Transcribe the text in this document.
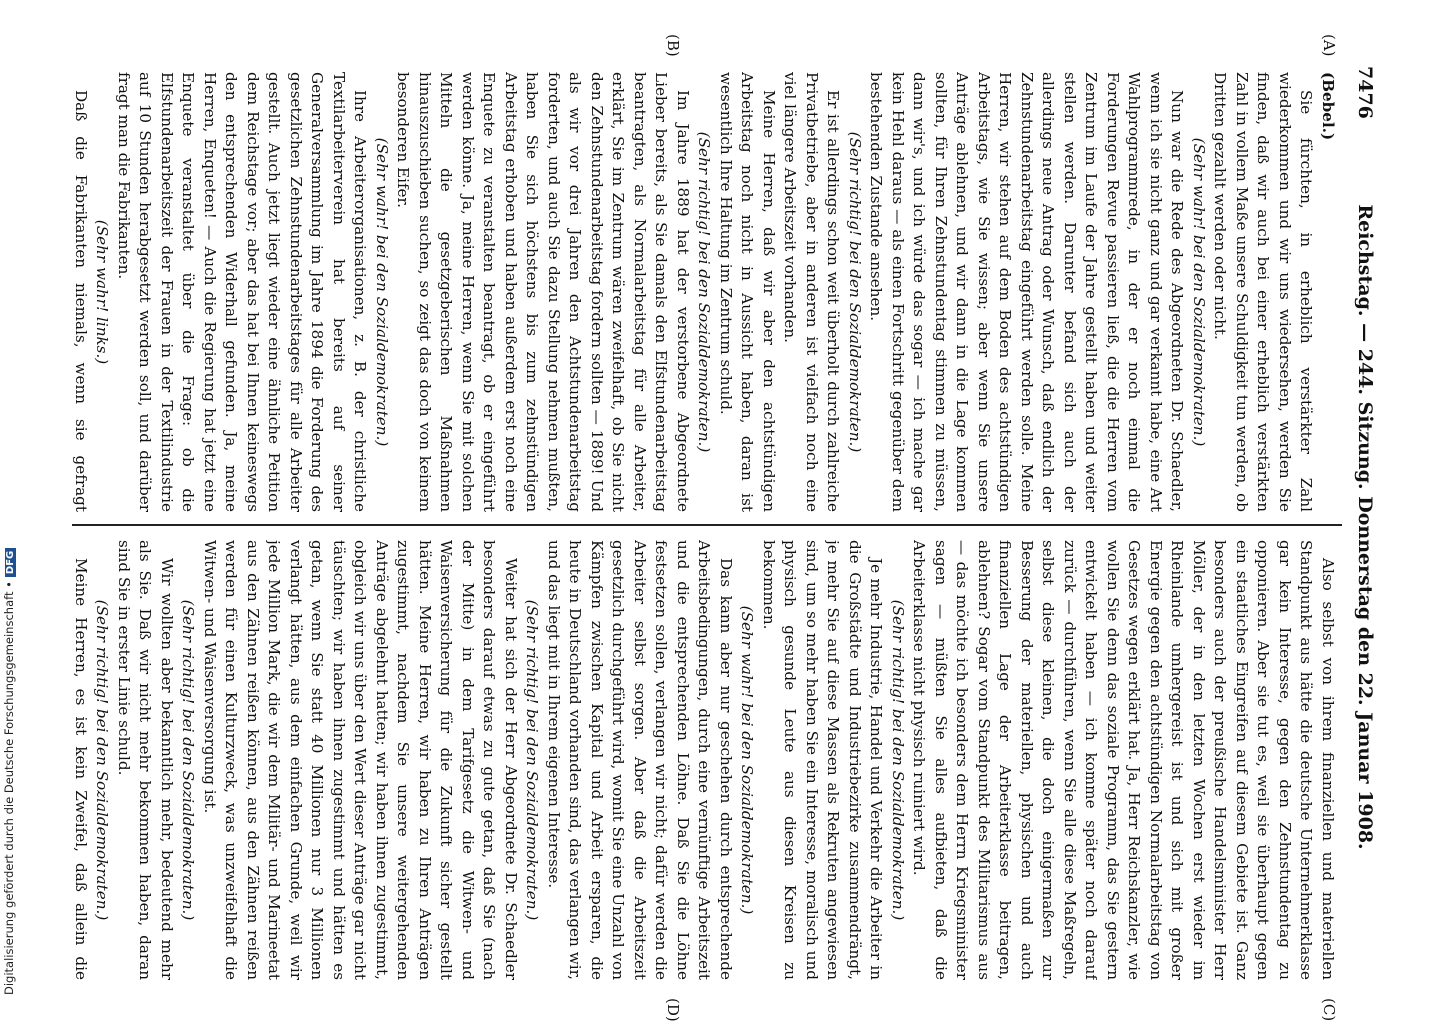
7476
Reichstag. — 244. Sitzung. Donnerstag den 22. Januar 1908.
(A)
(B)
(C)
(D)
(Bebel.)

Sie fürchten, in erheblich verstärkter Zahl wiederkommen und wir uns wiedersehen, werden Sie finden, daß wir auch bei einer erheblich verstärkten Zahl in vollem Maße unsere Schuldigkeit tun werden, ob Dritten gezahlt werden oder nicht.

(Sehr wahr! bei den Sozialdemokraten.)

Nun war die Rede des Abgeordneten Dr. Schaedler, wenn ich sie nicht ganz und gar verkannt habe, eine Art Wahlprogrammrede, in der er noch einmal die Forderungen Revue passieren ließ, die die Herren vom Zentrum im Laufe der Jahre gestellt haben und weiter stellen werden. Darunter befand sich auch der allerdings neue Antrag oder Wunsch, daß endlich der Zehnstundenarbeitstag eingeführt werden solle. Meine Herren, wir stehen auf dem Boden des achtstündigen Arbeitstags, wie Sie wissen; aber wenn Sie unsere Anträge ablehnen, und wir dann in die Lage kommen sollten, für Ihren Zehnstundentag stimmen zu müssen, dann wir's, und ich würde das sogar — ich mache gar kein Hehl daraus — als einen Fortschritt gegenüber dem bestehenden Zustande ansehen.

(Sehr richtig! bei den Sozialdemokraten.)

Er ist allerdings schon weit überholt durch zahlreiche Privatbetriebe, aber in anderen ist vielfach noch eine viel längere Arbeitszeit vorhanden.

Meine Herren, daß wir aber den achtstündigen Arbeitstag noch nicht in Aussicht haben, daran ist wesentlich Ihre Haltung im Zentrum schuld.

(Sehr richtig! bei den Sozialdemokraten.)

Im Jahre 1889 hat der verstorbene Abgeordnete Lieber bereits, als Sie damals den Elfstundenarbeitstag beantragten, als Normalarbeitstag für alle Arbeiter, erklärt, Sie im Zentrum wären zweifelhaft, ob Sie nicht den Zehnstundenarbeitstag fordern sollten — 1889! Und als wir vor drei Jahren den Achtstundenarbeitstag forderten, und auch Sie dazu Stellung nehmen mußten, haben Sie sich höchstens bis zum zehnstündigen Arbeitstag erhoben und haben außerdem erst noch eine Enquete zu veranstalten beantragt, ob er eingeführt werden könne. Ja, meine Herren, wenn Sie mit solchen Mitteln die gesetzgeberischen Maßnahmen hinauszuschieben suchen, so zeigt das doch von keinem besonderen Eifer.

(Sehr wahr! bei den Sozialdemokraten.)

Ihre Arbeiterorganisationen, z. B. der christliche Textilarbeiterverein hat bereits auf seiner Generalversammlung im Jahre 1894 die Forderung des gesetzlichen Zehnstundenarbeitstages für alle Arbeiter gestellt. Auch jetzt liegt wieder eine ähnliche Petition dem Reichstage vor; aber das hat bei Ihnen keineswegs den entsprechenden Widerhall gefunden. Ja, meine Herren, Enqueten! — Auch die Regierung hat jetzt eine Enquete veranstaltet über die Frage: ob die Elfstundenarbeitszeit der Frauen in der Textilindustrie auf 10 Stunden herabgesetzt werden soll, und darüber fragt man die Fabrikanten.

(Sehr wahr! links.)

Daß die Fabrikanten niemals, wenn sie gefragt

Also selbst von ihrem finanziellen und materiellen Standpunkt aus hätte die deutsche Unternehmerklasse gar kein Interesse, gegen den Zehnstundentag zu opponieren. Aber sie tut es, weil sie überhaupt gegen ein staatliches Eingreifen auf diesem Gebiete ist. Ganz besonders auch der preußische Handelsminister Herr Möller, der in den letzten Wochen erst wieder im Rheinlande umhergereist ist und sich mit großer Energie gegen den achtstündigen Normalarbeitstag von Gesetzes wegen erklärt hat. Ja, Herr Reichskanzler, wie wollen Sie denn das soziale Programm, das Sie gestern entwickelt haben — ich komme später noch darauf zurück — durchführen, wenn Sie alle diese Maßregeln, selbst diese kleinen, die doch einigermaßen zur Besserung der materiellen, physischen und auch finanziellen Lage der Arbeiterklasse beitragen, ablehnen? Sogar vom Standpunkt des Militarismus aus — das möchte ich besonders dem Herrn Kriegsminister sagen — müßten Sie alles aufbieten, daß die Arbeiterklasse nicht physisch ruiniert wird.

(Sehr richtig! bei den Sozialdemokraten.)

Je mehr Industrie, Handel und Verkehr die Arbeiter in die Großstädte und Industriebezirke zusammendrängt, je mehr Sie auf diese Massen als Rekruten angewiesen sind, um so mehr haben Sie ein Interesse, moralisch und physisch gesunde Leute aus diesen Kreisen zu bekommen.

(Sehr wahr! bei den Sozialdemokraten.)

Das kann aber nur geschehen durch entsprechende Arbeitsbedingungen, durch eine vernünftige Arbeitszeit und die entsprechenden Löhne. Daß Sie die Löhne festsetzen sollen, verlangen wir nicht; dafür werden die Arbeiter selbst sorgen. Aber daß die Arbeitszeit gesetzlich durchgeführt wird, womit Sie eine Unzahl von Kämpfen zwischen Kapital und Arbeit ersparen, die heute in Deutschland vorhanden sind, das verlangen wir, und das liegt mit in Ihrem eigenen Interesse.

(Sehr richtig! bei den Sozialdemokraten.)

Weiter hat sich der Herr Abgeordnete Dr. Schaedler besonders darauf etwas zu gute getan, daß Sie (nach der Mitte) in dem Tarifgesetz die Witwen- und Waisenversicherung für die Zukunft sicher gestellt hätten. Meine Herren, wir haben zu Ihren Anträgen zugestimmt, nachdem Sie unsere weitergehenden Anträge abgelehnt hatten; wir haben ihnen zugestimmt, obgleich wir uns über den Wert dieser Anträge gar nicht täuschten; wir haben ihnen zugestimmt und hätten es getan, wenn Sie statt 40 Millionen nur 3 Millionen verlangt hätten, aus dem einfachen Grunde, weil wir jede Million Mark, die wir dem Militär- und Marineetat aus den Zähnen reißen können, aus den Zähnen reißen werden für einen Kulturzweck, was unzweifelhaft die Witwen- und Waisenversorgung ist.

(Sehr richtig! bei den Sozialdemokraten.)

Wir wollten aber bekanntlich mehr, bedeutend mehr als Sie. Daß wir nicht mehr bekommen haben, daran sind Sie in erster Linie schuld.

(Sehr richtig! bei den Sozialdemokraten.)

Meine Herren, es ist kein Zweifel, daß allein die

Digitalisierung gefördert durch die Deutsche Forschungsgemeinschaft •DFG
